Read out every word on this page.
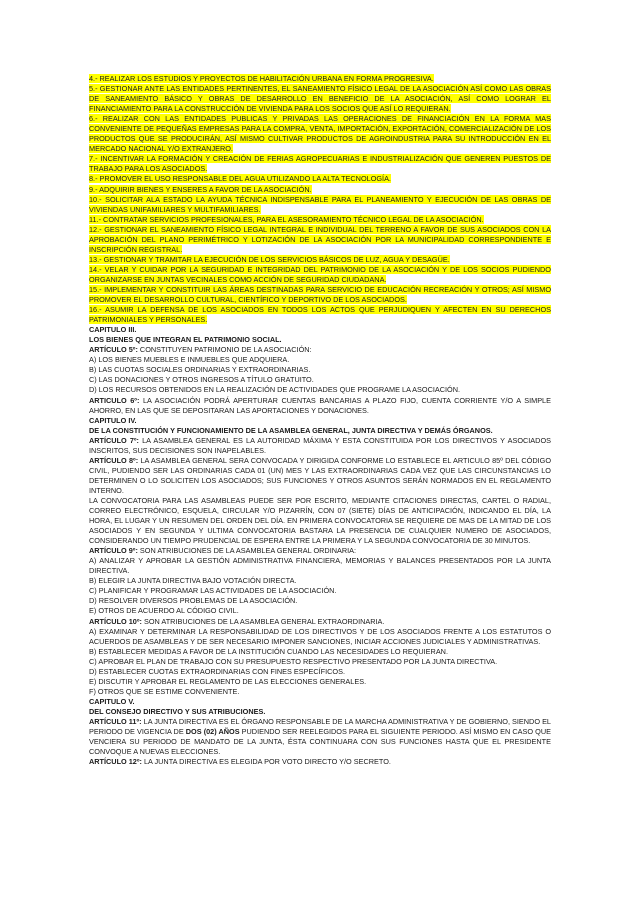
4.- REALIZAR LOS ESTUDIOS Y PROYECTOS DE HABILITACIÓN URBANA EN FORMA PROGRESIVA.

5.- GESTIONAR ANTE LAS ENTIDADES PERTINENTES, EL SANEAMIENTO FÍSICO LEGAL DE LA ASOCIACIÓN ASÍ COMO LAS OBRAS DE SANEAMIENTO BÁSICO Y OBRAS DE DESARROLLO EN BENEFICIO DE LA ASOCIACIÓN, ASÍ COMO LOGRAR EL FINANCIAMIENTO PARA LA CONSTRUCCIÓN DE VIVIENDA PARA LOS SOCIOS QUE ASÍ LO REQUIERAN.

6.- REALIZAR CON LAS ENTIDADES PUBLICAS Y PRIVADAS LAS OPERACIONES DE FINANCIACIÓN EN LA FORMA MAS CONVENIENTE DE PEQUEÑAS EMPRESAS PARA LA COMPRA, VENTA, IMPORTACIÓN, EXPORTACIÓN, COMERCIALIZACIÓN DE LOS PRODUCTOS QUE SE PRODUCIRÁN, ASÍ MISMO CULTIVAR PRODUCTOS DE AGROINDUSTRIA PARA SU INTRODUCCIÓN EN EL MERCADO NACIONAL Y/O EXTRANJERO.

7.- INCENTIVAR LA FORMACIÓN Y CREACIÓN DE FERIAS AGROPECUARIAS E INDUSTRIALIZACIÓN QUE GENEREN PUESTOS DE TRABAJO PARA LOS ASOCIADOS.

8.- PROMOVER EL USO RESPONSABLE DEL AGUA UTILIZANDO LA ALTA TECNOLOGÍA.

9.- ADQUIRIR BIENES Y ENSERES A FAVOR DE LA ASOCIACIÓN.

10.- SOLICITAR ALA ESTADO LA AYUDA TÉCNICA INDISPENSABLE PARA EL PLANEAMIENTO Y EJECUCIÓN DE LAS OBRAS DE VIVIENDAS UNIFAMILIARES Y MULTIFAMILIARES.

11.- CONTRATAR SERVICIOS PROFESIONALES, PARA EL ASESORAMIENTO TÉCNICO LEGAL DE LA ASOCIACIÓN.

12.- GESTIONAR EL SANEAMIENTO FÍSICO LEGAL INTEGRAL E INDIVIDUAL DEL TERRENO A FAVOR DE SUS ASOCIADOS CON LA APROBACIÓN DEL PLANO PERIMÉTRICO Y LOTIZACIÓN DE LA ASOCIACIÓN POR LA MUNICIPALIDAD CORRESPONDIENTE E INSCRIPCIÓN REGISTRAL.

13.- GESTIONAR Y TRAMITAR LA EJECUCIÓN DE LOS SERVICIOS BÁSICOS DE LUZ, AGUA Y DESAGÜE.

14.- VELAR Y CUIDAR POR LA SEGURIDAD E INTEGRIDAD DEL PATRIMONIO DE LA ASOCIACIÓN Y DE LOS SOCIOS PUDIENDO ORGANIZARSE EN JUNTAS VECINALES COMO ACCIÓN DE SEGURIDAD CIUDADANA.

15.- IMPLEMENTAR Y CONSTITUIR LAS ÁREAS DESTINADAS PARA SERVICIO DE EDUCACIÓN RECREACIÓN Y OTROS; ASÍ MISMO PROMOVER EL DESARROLLO CULTURAL, CIENTÍFICO Y DEPORTIVO DE LOS ASOCIADOS.

16.- ASUMIR LA DEFENSA DE LOS ASOCIADOS EN TODOS LOS ACTOS QUE PERJUDIQUEN Y AFECTEN EN SU DERECHOS PATRIMONIALES Y PERSONALES.

CAPITULO III.

LOS BIENES QUE INTEGRAN EL PATRIMONIO SOCIAL.

ARTÍCULO 5º: CONSTITUYEN PATRIMONIO DE LA ASOCIACIÓN:

A) LOS BIENES MUEBLES E INMUEBLES QUE ADQUIERA.

B) LAS CUOTAS SOCIALES ORDINARIAS Y EXTRAORDINARIAS.

C) LAS DONACIONES Y OTROS INGRESOS A TÍTULO GRATUITO.

D) LOS RECURSOS OBTENIDOS EN LA REALIZACIÓN DE ACTIVIDADES QUE PROGRAME LA ASOCIACIÓN.

ARTICULO 6º: LA ASOCIACIÓN PODRÁ APERTURAR CUENTAS BANCARIAS A PLAZO FIJO, CUENTA CORRIENTE Y/O A SIMPLE AHORRO, EN LAS QUE SE DEPOSITARAN LAS APORTACIONES Y DONACIONES.

CAPITULO IV.

DE LA CONSTITUCIÓN Y FUNCIONAMIENTO DE LA ASAMBLEA GENERAL, JUNTA DIRECTIVA Y DEMÁS ÓRGANOS.

ARTÍCULO 7º: LA ASAMBLEA GENERAL ES LA AUTORIDAD MÁXIMA Y ESTA CONSTITUIDA POR LOS DIRECTIVOS Y ASOCIADOS INSCRITOS, SUS DECISIONES SON INAPELABLES.

ARTÍCULO 8º: LA ASAMBLEA GENERAL SERA CONVOCADA Y DIRIGIDA CONFORME LO ESTABLECE EL ARTICULO 85º DEL CÓDIGO CIVIL, PUDIENDO SER LAS ORDINARIAS CADA 01 (UN) MES Y LAS EXTRAORDINARIAS CADA VEZ QUE LAS CIRCUNSTANCIAS LO DETERMINEN O LO SOLICITEN LOS ASOCIADOS; SUS FUNCIONES Y OTROS ASUNTOS SERÁN NORMADOS EN EL REGLAMENTO INTERNO.

LA CONVOCATORIA PARA LAS ASAMBLEAS PUEDE SER POR ESCRITO, MEDIANTE CITACIONES DIRECTAS, CARTEL O RADIAL, CORREO ELECTRÓNICO, ESQUELA, CIRCULAR Y/O PIZARRÍN, CON 07 (SIETE) DÍAS DE ANTICIPACIÓN, INDICANDO EL DÍA, LA HORA, EL LUGAR Y UN RESUMEN DEL ORDEN DEL DÍA. EN PRIMERA CONVOCATORIA SE REQUIERE DE MAS DE LA MITAD DE LOS ASOCIADOS Y EN SEGUNDA Y ULTIMA CONVOCATORIA BASTARA LA PRESENCIA DE CUALQUIER NUMERO DE ASOCIADOS, CONSIDERANDO UN TIEMPO PRUDENCIAL DE ESPERA ENTRE LA PRIMERA Y LA SEGUNDA CONVOCATORIA DE 30 MINUTOS.

ARTÍCULO 9º: SON ATRIBUCIONES DE LA ASAMBLEA GENERAL ORDINARIA:

A) ANALIZAR Y APROBAR LA GESTIÓN ADMINISTRATIVA FINANCIERA, MEMORIAS Y BALANCES PRESENTADOS POR LA JUNTA DIRECTIVA.

B) ELEGIR LA JUNTA DIRECTIVA BAJO VOTACIÓN DIRECTA.

C) PLANIFICAR Y PROGRAMAR LAS ACTIVIDADES DE LA ASOCIACIÓN.

D) RESOLVER DIVERSOS PROBLEMAS DE LA ASOCIACIÓN.

E) OTROS DE ACUERDO AL CÓDIGO CIVIL.

ARTÍCULO 10º: SON ATRIBUCIONES DE LA ASAMBLEA GENERAL EXTRAORDINARIA.

A) EXAMINAR Y DETERMINAR LA RESPONSABILIDAD DE LOS DIRECTIVOS Y DE LOS ASOCIADOS FRENTE A LOS ESTATUTOS O ACUERDOS DE ASAMBLEAS Y DE SER NECESARIO IMPONER SANCIONES, INICIAR ACCIONES JUDICIALES Y ADMINISTRATIVAS.

B) ESTABLECER MEDIDAS A FAVOR DE LA INSTITUCIÓN CUANDO LAS NECESIDADES LO REQUIERAN.

C) APROBAR EL PLAN DE TRABAJO CON SU PRESUPUESTO RESPECTIVO PRESENTADO POR LA JUNTA DIRECTIVA.

D) ESTABLECER CUOTAS EXTRAORDINARIAS CON FINES ESPECÍFICOS.

E) DISCUTIR Y APROBAR EL REGLAMENTO DE LAS ELECCIONES GENERALES.

F) OTROS QUE SE ESTIME CONVENIENTE.

CAPITULO V.

DEL CONSEJO DIRECTIVO Y SUS ATRIBUCIONES.

ARTÍCULO 11º: LA JUNTA DIRECTIVA ES EL ÓRGANO RESPONSABLE DE LA MARCHA ADMINISTRATIVA Y DE GOBIERNO, SIENDO EL PERIODO DE VIGENCIA DE DOS (02) AÑOS PUDIENDO SER REELEGIDOS PARA EL SIGUIENTE PERIODO. ASÍ MISMO EN CASO QUE VENCIERA SU PERIODO DE MANDATO DE LA JUNTA, ÉSTA CONTINUARA CON SUS FUNCIONES HASTA QUE EL PRESIDENTE CONVOQUE A NUEVAS ELECCIONES.

ARTÍCULO 12º: LA JUNTA DIRECTIVA ES ELEGIDA POR VOTO DIRECTO Y/O SECRETO.
